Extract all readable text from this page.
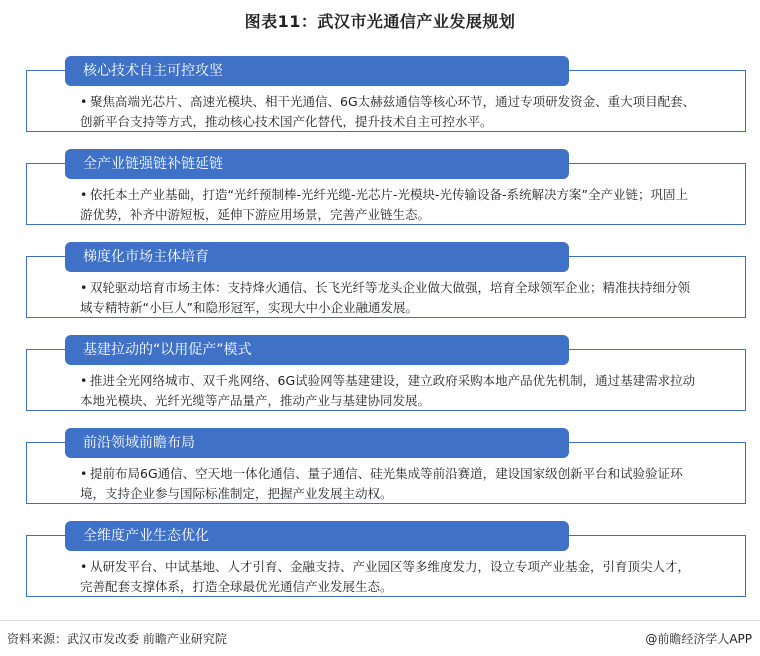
图表11：武汉市光通信产业发展规划
核心技术自主可控攻坚
• 聚焦高端光芯片、高速光模块、相干光通信、6G太赫兹通信等核心环节，通过专项研发资金、重大项目配套、创新平台支持等方式，推动核心技术国产化替代，提升技术自主可控水平。
全产业链强链补链延链
• 依托本土产业基础，打造“光纤预制棒-光纤光缆-光芯片-光模块-光传输设备-系统解决方案”全产业链；巩固上游优势，补齐中游短板，延伸下游应用场景，完善产业链生态。
梯度化市场主体培育
• 双轮驱动培育市场主体：支持烽火通信、长飞光纤等龙头企业做大做强，培育全球领军企业；精准扶持细分领域专精特新“小巨人”和隐形冠军，实现大中小企业融通发展。
基建拉动的“以用促产”模式
• 推进全光网络城市、双千兆网络、6G试验网等基建建设，建立政府采购本地产品优先机制，通过基建需求拉动本地光模块、光纤光缆等产品量产，推动产业与基建协同发展。
前沿领域前瞻布局
• 提前布局6G通信、空天地一体化通信、量子通信、硅光集成等前沿赛道，建设国家级创新平台和试验验证环境，支持企业参与国际标准制定，把握产业发展主动权。
全维度产业生态优化
• 从研发平台、中试基地、人才引育、金融支持、产业园区等多维度发力，设立专项产业基金，引育顶尖人才，完善配套支撑体系，打造全球最优光通信产业发展生态。
资料来源：武汉市发改委 前瞻产业研究院	@前瞻经济学人APP
